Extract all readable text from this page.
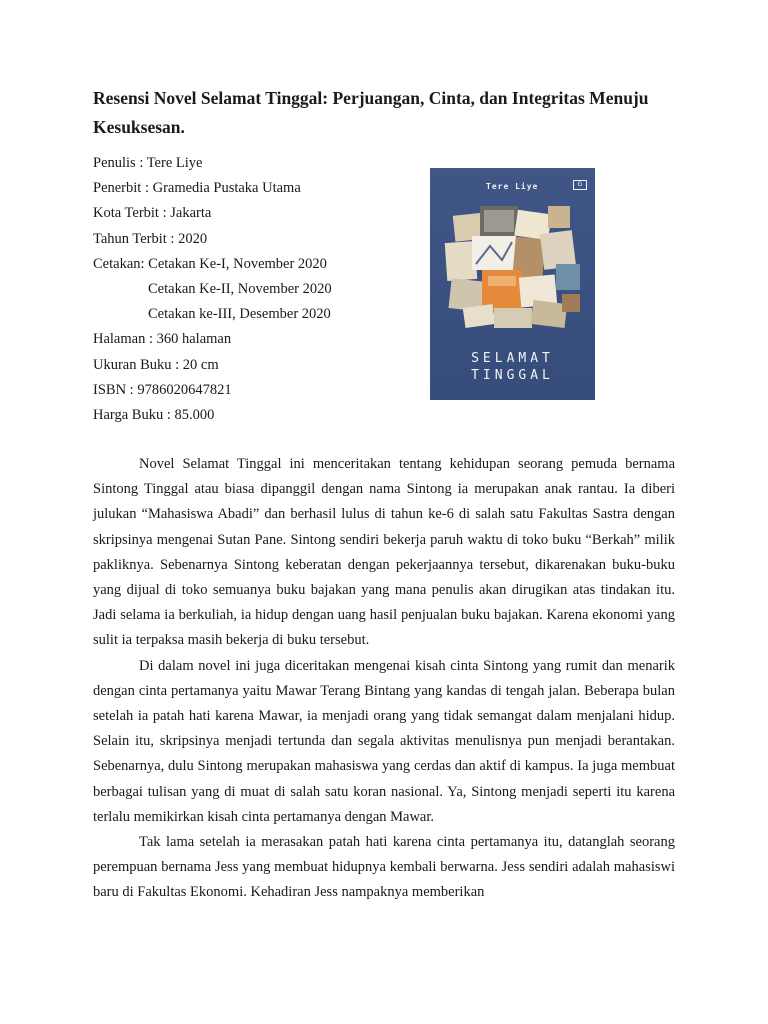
Resensi Novel Selamat Tinggal: Perjuangan, Cinta, dan Integritas Menuju Kesuksesan.
Penulis : Tere Liye
Penerbit : Gramedia Pustaka Utama
Kota Terbit : Jakarta
Tahun Terbit : 2020
Cetakan: Cetakan Ke-I, November 2020
Cetakan Ke-II, November 2020
Cetakan ke-III, Desember 2020
Halaman : 360 halaman
Ukuran Buku : 20 cm
ISBN : 9786020647821
Harga Buku : 85.000
Tere Liye	G
SELAMAT
TINGGAL

Novel Selamat Tinggal ini menceritakan tentang kehidupan seorang pemuda bernama Sintong Tinggal atau biasa dipanggil dengan nama Sintong ia merupakan anak rantau. Ia diberi julukan “Mahasiswa Abadi” dan berhasil lulus di tahun ke-6 di salah satu Fakultas Sastra dengan skripsinya mengenai Sutan Pane. Sintong sendiri bekerja paruh waktu di toko buku “Berkah” milik pakliknya. Sebenarnya Sintong keberatan dengan pekerjaannya tersebut, dikarenakan buku-buku yang dijual di toko semuanya buku bajakan yang mana penulis akan dirugikan atas tindakan itu. Jadi selama ia berkuliah, ia hidup dengan uang hasil penjualan buku bajakan. Karena ekonomi yang sulit ia terpaksa masih bekerja di buku tersebut.

Di dalam novel ini juga diceritakan mengenai kisah cinta Sintong yang rumit dan menarik dengan cinta pertamanya yaitu Mawar Terang Bintang yang kandas di tengah jalan. Beberapa bulan setelah ia patah hati karena Mawar, ia menjadi orang yang tidak semangat dalam menjalani hidup. Selain itu, skripsinya menjadi tertunda dan segala aktivitas menulisnya pun menjadi berantakan. Sebenarnya, dulu Sintong merupakan mahasiswa yang cerdas dan aktif di kampus. Ia juga membuat berbagai tulisan yang di muat di salah satu koran nasional. Ya, Sintong menjadi seperti itu karena terlalu memikirkan kisah cinta pertamanya dengan Mawar.

Tak lama setelah ia merasakan patah hati karena cinta pertamanya itu, datanglah seorang perempuan bernama Jess yang membuat hidupnya kembali berwarna. Jess sendiri adalah mahasiswi baru di Fakultas Ekonomi. Kehadiran Jess nampaknya memberikan
